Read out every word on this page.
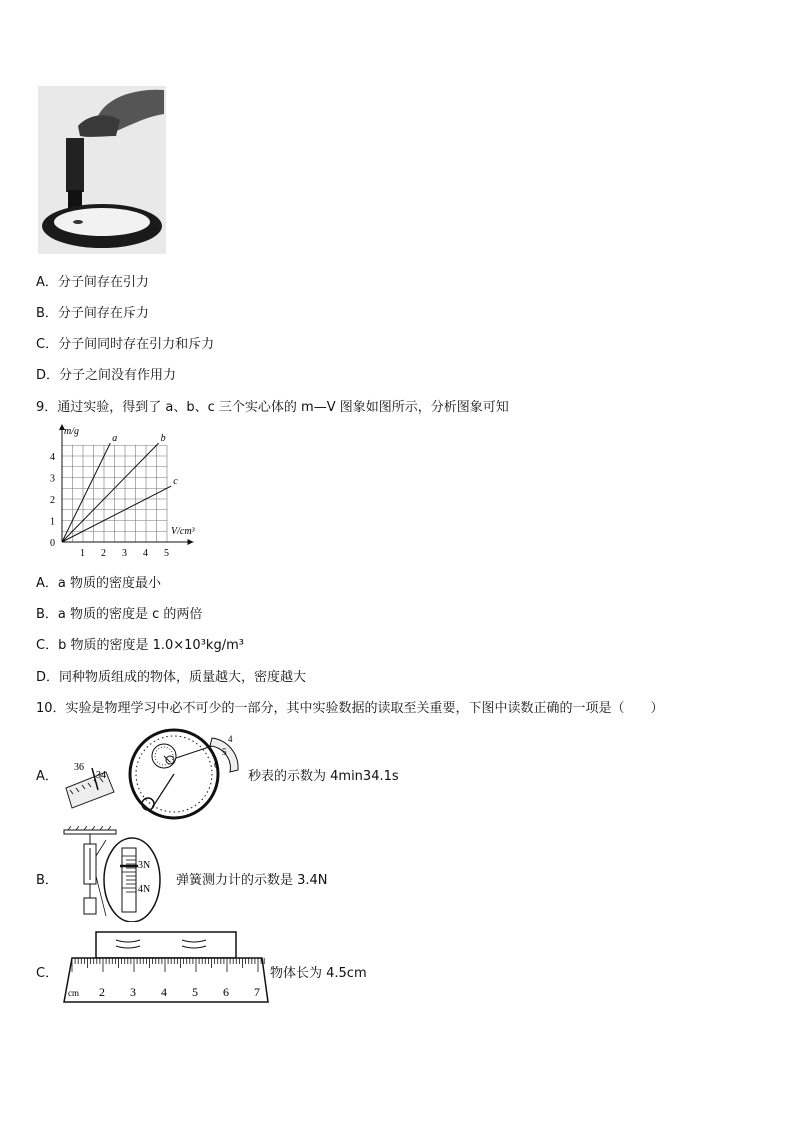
A．分子间存在引力
B．分子间存在斥力
C．分子间同时存在引力和斥力
D．分子之间没有作用力
9．通过实验，得到了 a、b、c 三个实心体的 m—V 图象如图所示，分析图象可知
1 2 3 4 5
1
2
3
4
0
m/g
V/cm³
a	b
c
A．a 物质的密度最小
B．a 物质的密度是 c 的两倍
C．b 物质的密度是 1.0×10³kg/m³
D．同种物质组成的物体，质量越大，密度越大
10．实验是物理学习中必不可少的一部分，其中实验数据的读取至关重要，下图中读数正确的一项是（　　）
A．
36
34
4
5
6
秒表的示数为 4min34.1s
B．
3N
4N
弹簧测力计的示数是 3.4N
C．
cm 2 3 4 5 6 7
物体长为 4.5cm
